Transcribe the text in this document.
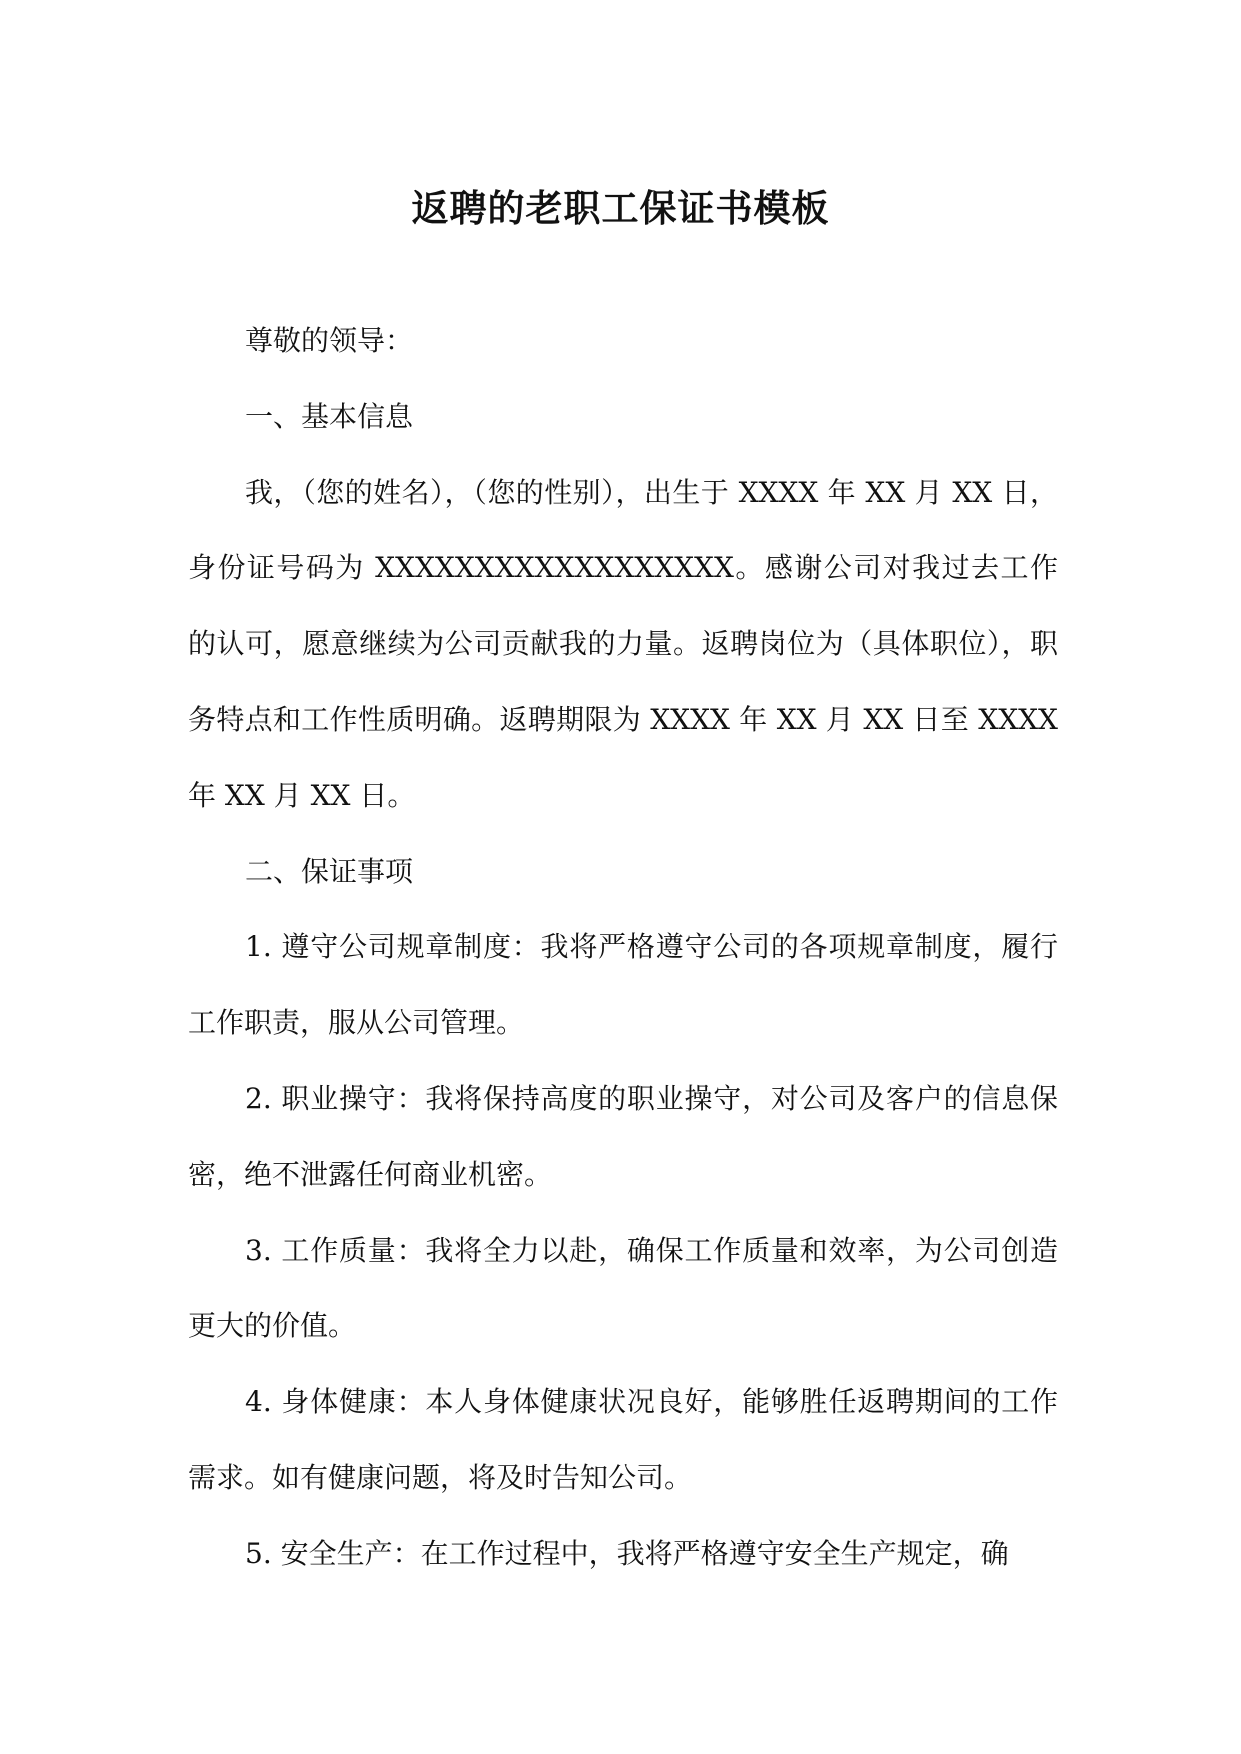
返聘的老职工保证书模板

尊敬的领导：

一、基本信息

我，（您的姓名），（您的性别），出生于 XXXX 年 XX 月 XX 日，身份证号码为 XXXXXXXXXXXXXXXXXX。感谢公司对我过去工作的认可，愿意继续为公司贡献我的力量。返聘岗位为（具体职位），职务特点和工作性质明确。返聘期限为 XXXX 年 XX 月 XX 日至 XXXX 年 XX 月 XX 日。

二、保证事项

1. 遵守公司规章制度：我将严格遵守公司的各项规章制度，履行工作职责，服从公司管理。

2. 职业操守：我将保持高度的职业操守，对公司及客户的信息保密，绝不泄露任何商业机密。

3. 工作质量：我将全力以赴，确保工作质量和效率，为公司创造更大的价值。

4. 身体健康：本人身体健康状况良好，能够胜任返聘期间的工作需求。如有健康问题，将及时告知公司。

5. 安全生产：在工作过程中，我将严格遵守安全生产规定，确
